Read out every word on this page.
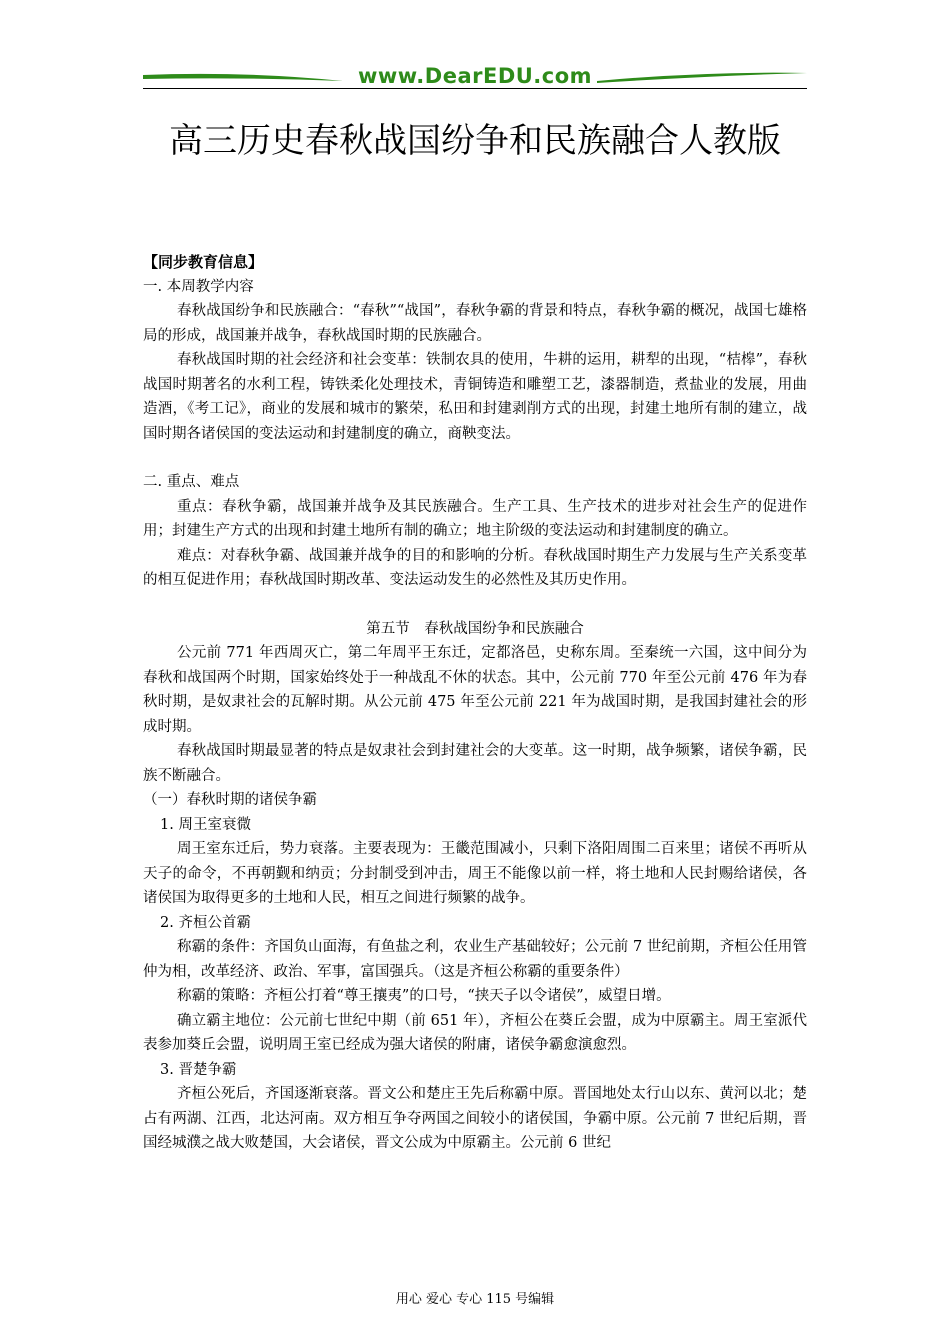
www.DearEDU.com
高三历史春秋战国纷争和民族融合人教版

【同步教育信息】

一. 本周教学内容

春秋战国纷争和民族融合：“春秋”“战国”，春秋争霸的背景和特点，春秋争霸的概况，战国七雄格局的形成，战国兼并战争，春秋战国时期的民族融合。

春秋战国时期的社会经济和社会变革：铁制农具的使用，牛耕的运用，耕犁的出现，“桔槔”，春秋战国时期著名的水利工程，铸铁柔化处理技术，青铜铸造和雕塑工艺，漆器制造，煮盐业的发展，用曲造酒，《考工记》，商业的发展和城市的繁荣，私田和封建剥削方式的出现，封建土地所有制的建立，战国时期各诸侯国的变法运动和封建制度的确立，商鞅变法。

二. 重点、难点

重点：春秋争霸，战国兼并战争及其民族融合。生产工具、生产技术的进步对社会生产的促进作用；封建生产方式的出现和封建土地所有制的确立；地主阶级的变法运动和封建制度的确立。

难点：对春秋争霸、战国兼并战争的目的和影响的分析。春秋战国时期生产力发展与生产关系变革的相互促进作用；春秋战国时期改革、变法运动发生的必然性及其历史作用。

第五节　春秋战国纷争和民族融合

公元前 771 年西周灭亡，第二年周平王东迁，定都洛邑，史称东周。至秦统一六国，这中间分为春秋和战国两个时期，国家始终处于一种战乱不休的状态。其中，公元前 770 年至公元前 476 年为春秋时期，是奴隶社会的瓦解时期。从公元前 475 年至公元前 221 年为战国时期，是我国封建社会的形成时期。

春秋战国时期最显著的特点是奴隶社会到封建社会的大变革。这一时期，战争频繁，诸侯争霸，民族不断融合。

（一）春秋时期的诸侯争霸

1. 周王室衰微

周王室东迁后，势力衰落。主要表现为：王畿范围减小，只剩下洛阳周围二百来里；诸侯不再听从天子的命令，不再朝觐和纳贡；分封制受到冲击，周王不能像以前一样，将土地和人民封赐给诸侯，各诸侯国为取得更多的土地和人民，相互之间进行频繁的战争。

2. 齐桓公首霸

称霸的条件：齐国负山面海，有鱼盐之利，农业生产基础较好；公元前 7 世纪前期，齐桓公任用管仲为相，改革经济、政治、军事，富国强兵。（这是齐桓公称霸的重要条件）

称霸的策略：齐桓公打着“尊王攘夷”的口号，“挟天子以令诸侯”，威望日增。

确立霸主地位：公元前七世纪中期（前 651 年），齐桓公在葵丘会盟，成为中原霸主。周王室派代表参加葵丘会盟，说明周王室已经成为强大诸侯的附庸，诸侯争霸愈演愈烈。

3. 晋楚争霸

齐桓公死后，齐国逐渐衰落。晋文公和楚庄王先后称霸中原。晋国地处太行山以东、黄河以北；楚占有两湖、江西，北达河南。双方相互争夺两国之间较小的诸侯国，争霸中原。公元前 7 世纪后期，晋国经城濮之战大败楚国，大会诸侯，晋文公成为中原霸主。公元前 6 世纪

用心 爱心 专心 115 号编辑
